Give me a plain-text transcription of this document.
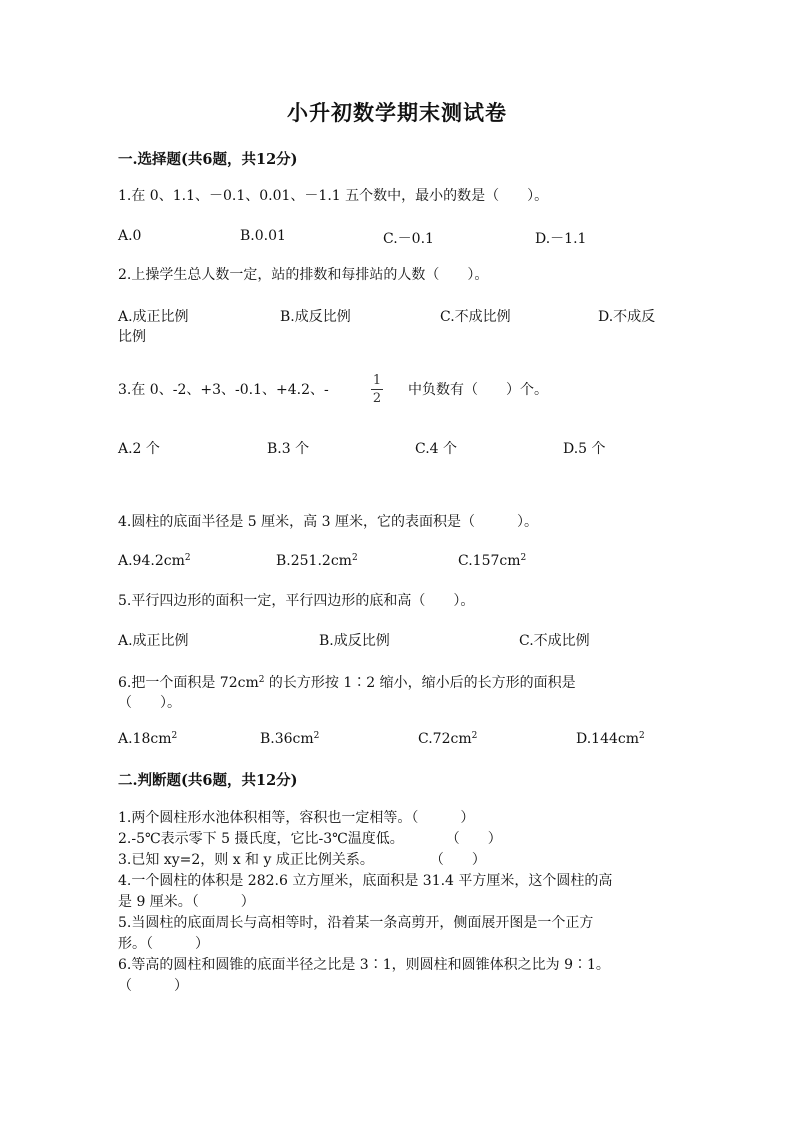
小升初数学期末测试卷
一.选择题(共6题，共12分)
1.在 0、1.1、－0.1、0.01、－1.1 五个数中，最小的数是（　　）。
A.0	B.0.01	C.－0.1	D.－1.1
2.上操学生总人数一定，站的排数和每排站的人数（　　）。
A.成正比例	B.成反比例	C.不成比例	D.不成反
比例
3.在 0、-2、+3、-0.1、+4.2、-
1
2
中负数有（　　）个。
A.2 个	B.3 个	C.4 个	D.5 个
4.圆柱的底面半径是 5 厘米，高 3 厘米，它的表面积是（　　　）。
$A.94.2cm^2$	$B.251.2cm^2$	$C.157cm^2$
5.平行四边形的面积一定，平行四边形的底和高（　　）。
A.成正比例	B.成反比例	C.不成比例
6.把一个面积是 $72cm^2$ 的长方形按 1∶2 缩小，缩小后的长方形的面积是
（　　）。
$A.18cm^2$	$B.36cm^2$	$C.72cm^2$	$D.144cm^2$
二.判断题(共6题，共12分)
1.两个圆柱形水池体积相等，容积也一定相等。（　　　）
2.-5℃表示零下 5 摄氏度，它比-3℃温度低。　　　　（　　）
3.已知 xy=2，则 x 和 y 成正比例关系。　　　　　（　　）
4.一个圆柱的体积是 282.6 立方厘米，底面积是 31.4 平方厘米，这个圆柱的高
是 9 厘米。（　　　）
5.当圆柱的底面周长与高相等时，沿着某一条高剪开，侧面展开图是一个正方
形。（　　　）
6.等高的圆柱和圆锥的底面半径之比是 3∶1，则圆柱和圆锥体积之比为 9∶1。
（　　　）
